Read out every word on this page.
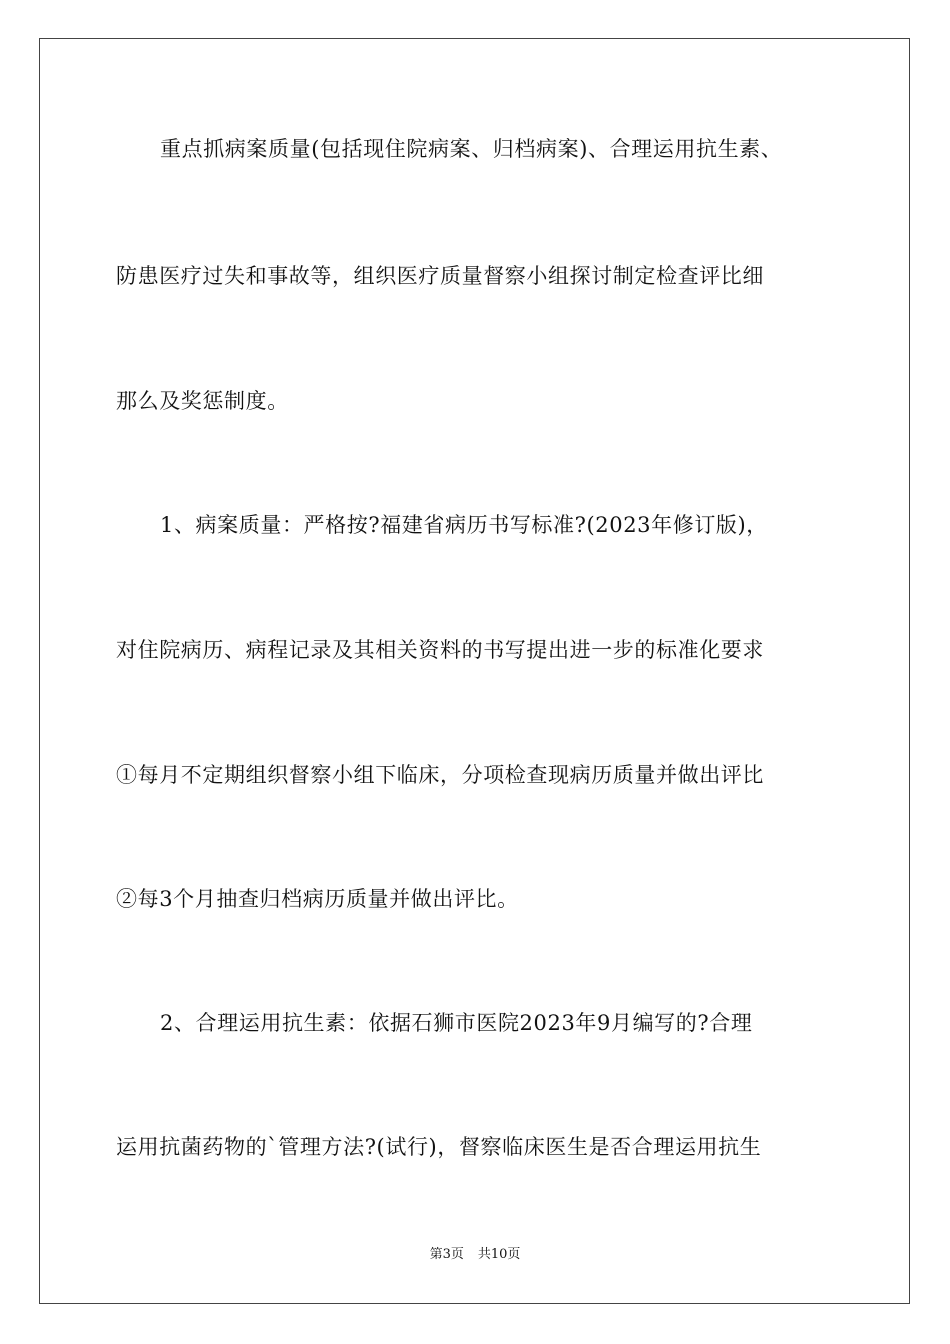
重点抓病案质量(包括现住院病案、归档病案)、合理运用抗生素、
防患医疗过失和事故等，组织医疗质量督察小组探讨制定检查评比细
那么及奖惩制度。
1、病案质量：严格按?福建省病历书写标准?(2023年修订版)，
对住院病历、病程记录及其相关资料的书写提出进一步的标准化要求
①每月不定期组织督察小组下临床，分项检查现病历质量并做出评比
②每3个月抽查归档病历质量并做出评比。
2、合理运用抗生素：依据石狮市医院2023年9月编写的?合理
运用抗菌药物的`管理方法?(试行)，督察临床医生是否合理运用抗生
第3页 共10页
